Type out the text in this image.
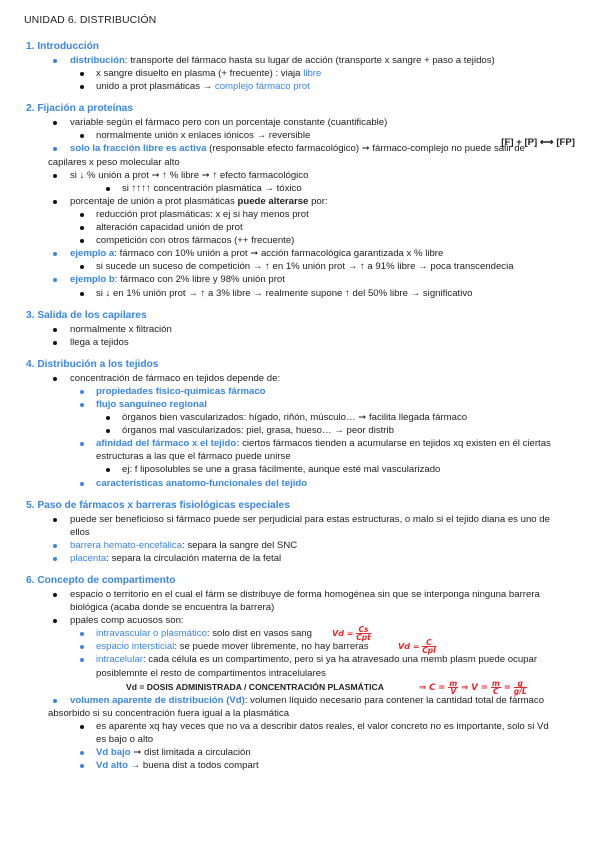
UNIDAD 6. DISTRIBUCIÓN
1. Introducción
distribución: transporte del fármaco hasta su lugar de acción (transporte x sangre + paso a tejidos)
x sangre disuelto en plasma (+ frecuente) : viaja libre
unido a prot plasmáticas → complejo fármaco prot
2. Fijación a proteínas
variable según el fármaco pero con un porcentaje constante (cuantificable)
normalmente unión x enlaces iónicos → reversible
solo la fracción libre es activa (responsable efecto farmacológico) ➞ fármaco-complejo no puede salir de
capilares x peso molecular alto
si ↓ % unión a prot ➞ ↑ % libre ➞ ↑ efecto farmacológico
si ↑↑↑↑ concentración plasmática → tóxico
porcentaje de unión a prot plasmáticas puede alterarse por:
reducción prot plasmáticas: x ej si hay menos prot
alteración capacidad unión de prot
competición con otros fármacos (++ frecuente)
ejemplo a: fármaco con 10% unión a prot ➞ acción farmacológica garantizada x % libre
si sucede un suceso de competición → ↑ en 1% unión prot → ↑ a 91% libre → poca transcendecia
ejemplo b: fármaco con 2% libre y 98% unión prot
si ↓ en 1% unión prot → ↑ a 3% libre → realmente supone ↑ del 50% libre → significativo
3. Salida de los capilares
normalmente x filtración
llega a tejidos
4. Distribución a los tejidos
concentración de fármaco en tejidos depende de:
propiedades físico-químicas fármaco
flujo sanguíneo regional
órganos bien vascularizados: hígado, riñón, músculo… ➞ facilita llegada fármaco
órganos mal vascularizados: piel, grasa, hueso… → peor distrib
afinidad del fármaco x el tejido: ciertos fármacos tienden a acumularse en tejidos xq existen en él ciertas
estructuras a las que el fármaco puede unirse
ej: f liposolubles se une a grasa fácilmente, aunque esté mal vascularizado
características anatomo-funcionales del tejido
5. Paso de fármacos x barreras fisiológicas especiales
puede ser beneficioso si fármaco puede ser perjudicial para estas estructuras, o malo si el tejido diana es uno de
ellos
barrera hemato-encefálica: separa la sangre del SNC
placenta: separa la circulación materna de la fetal
6. Concepto de compartimento
espacio o territorio en el cual el fárm se distribuye de forma homogénea sin que se interponga ninguna barrera
biológica (acaba donde se encuentra la barrera)
ppales comp acuosos son:
intravascular o plasmático: solo dist en vasos sang	$Vd = \frac{Cs}{\text{Cpt}}$
espacio intersticial: se puede mover libremente, no hay barreras	$Vd = \frac{C}{\text{Cpl}}$
intracelular: cada célula es un compartimento, pero si ya ha atravesado una memb plasm puede ocupar
posiblemnte el resto de compartimentos intracelulares
Vd = DOSIS ADMINISTRADA / CONCENTRACIÓN PLASMÁTICA	⇒ $C = \frac{m}{V}$ ⇒ $V = \frac{m}{C} = \frac{g}{g/L}$
volumen aparente de distribución (Vd): volumen líquido necesario para contener la cantidad total de fármaco
absorbido si su concentración fuera igual a la plasmática
es aparente xq hay veces que no va a describir datos reales, el valor concreto no es importante, solo si Vd
es bajo o alto
Vd bajo ➞ dist limitada a circulación
Vd alto → buena dist a todos compart
[F] + [P] ⟷ [FP]
